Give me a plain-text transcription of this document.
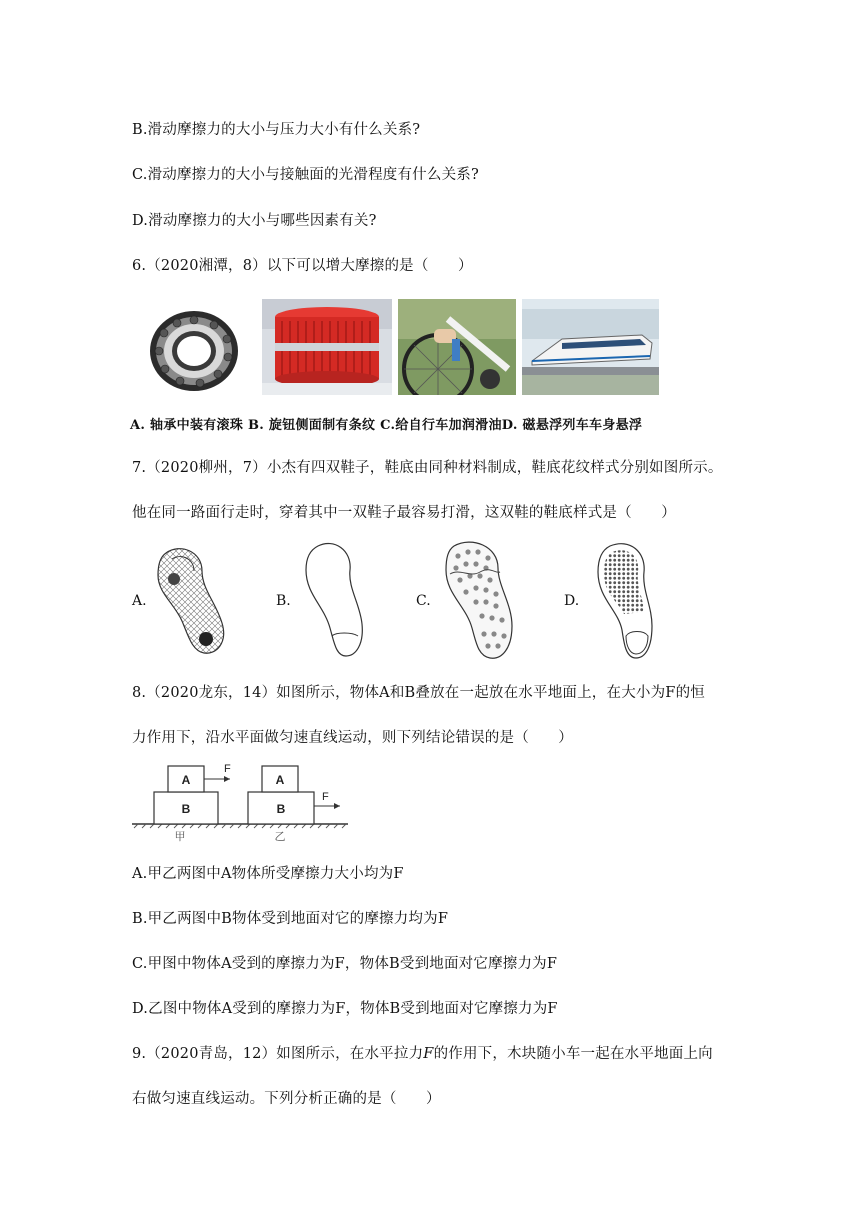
B.滑动摩擦力的大小与压力大小有什么关系?
C.滑动摩擦力的大小与接触面的光滑程度有什么关系?
D.滑动摩擦力的大小与哪些因素有关?
6.（2020湘潭，8）以下可以增大摩擦的是（　　）
A. 轴承中装有滚珠 B. 旋钮侧面制有条纹 C.给自行车加润滑油D. 磁悬浮列车车身悬浮
7.（2020柳州，7）小杰有四双鞋子，鞋底由同种材料制成，鞋底花纹样式分别如图所示。
他在同一路面行走时，穿着其中一双鞋子最容易打滑，这双鞋的鞋底样式是（　　）
A.	B.	C.	D.
8.（2020龙东，14）如图所示，物体A和B叠放在一起放在水平地面上，在大小为F的恒
力作用下，沿水平面做匀速直线运动，则下列结论错误的是（　　）
A
B
F
A
B
F
甲	乙
A.甲乙两图中A物体所受摩擦力大小均为F
B.甲乙两图中B物体受到地面对它的摩擦力均为F
C.甲图中物体A受到的摩擦力为F，物体B受到地面对它摩擦力为F
D.乙图中物体A受到的摩擦力为F，物体B受到地面对它摩擦力为F
9.（2020青岛，12）如图所示，在水平拉力F的作用下，木块随小车一起在水平地面上向
右做匀速直线运动。下列分析正确的是（　　）
